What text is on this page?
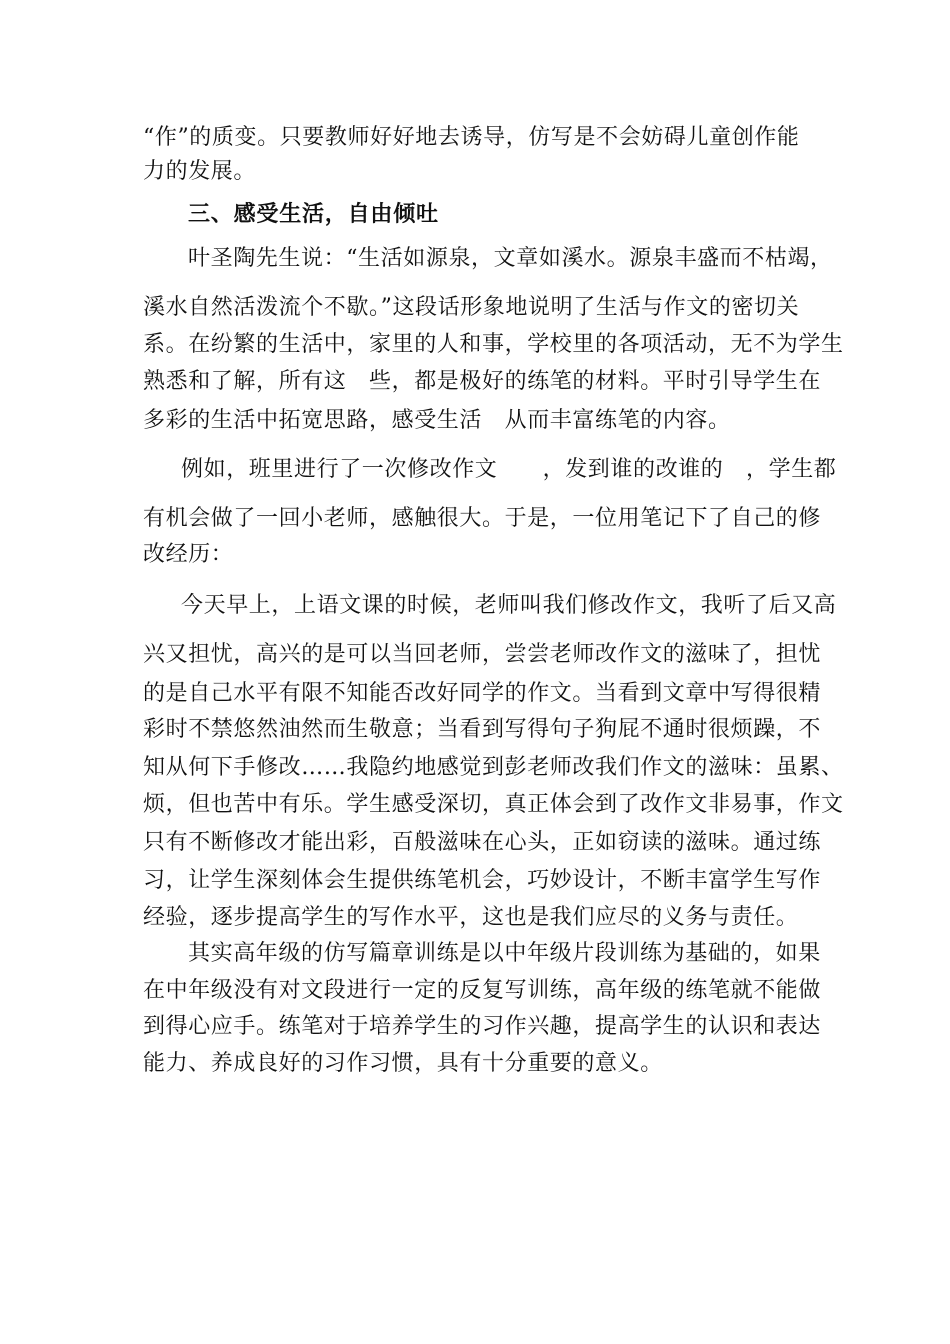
“作”的质变。只要教师好好地去诱导，仿写是不会妨碍儿童创作能
力的发展。
三、感受生活，自由倾吐
叶圣陶先生说：“生活如源泉，文章如溪水。源泉丰盛而不枯竭，
溪水自然活泼流个不歇。”这段话形象地说明了生活与作文的密切关
系。在纷繁的生活中，家里的人和事，学校里的各项活动，无不为学生
熟悉和了解，所有这　些，都是极好的练笔的材料。平时引导学生在
多彩的生活中拓宽思路，感受生活　从而丰富练笔的内容。
例如，班里进行了一次修改作文　　，发到谁的改谁的　，学生都
有机会做了一回小老师，感触很大。于是，一位用笔记下了自己的修
改经历：
今天早上，上语文课的时候，老师叫我们修改作文，我听了后又高
兴又担忧，高兴的是可以当回老师，尝尝老师改作文的滋味了，担忧
的是自己水平有限不知能否改好同学的作文。当看到文章中写得很精
彩时不禁悠然油然而生敬意；当看到写得句子狗屁不通时很烦躁，不
知从何下手修改……我隐约地感觉到彭老师改我们作文的滋味：虽累、
烦，但也苦中有乐。学生感受深切，真正体会到了改作文非易事，作文
只有不断修改才能出彩，百般滋味在心头，正如窃读的滋味。通过练
习，让学生深刻体会生提供练笔机会，巧妙设计，不断丰富学生写作
经验，逐步提高学生的写作水平，这也是我们应尽的义务与责任。
其实高年级的仿写篇章训练是以中年级片段训练为基础的，如果
在中年级没有对文段进行一定的反复写训练，高年级的练笔就不能做
到得心应手。练笔对于培养学生的习作兴趣，提高学生的认识和表达
能力、养成良好的习作习惯，具有十分重要的意义。
